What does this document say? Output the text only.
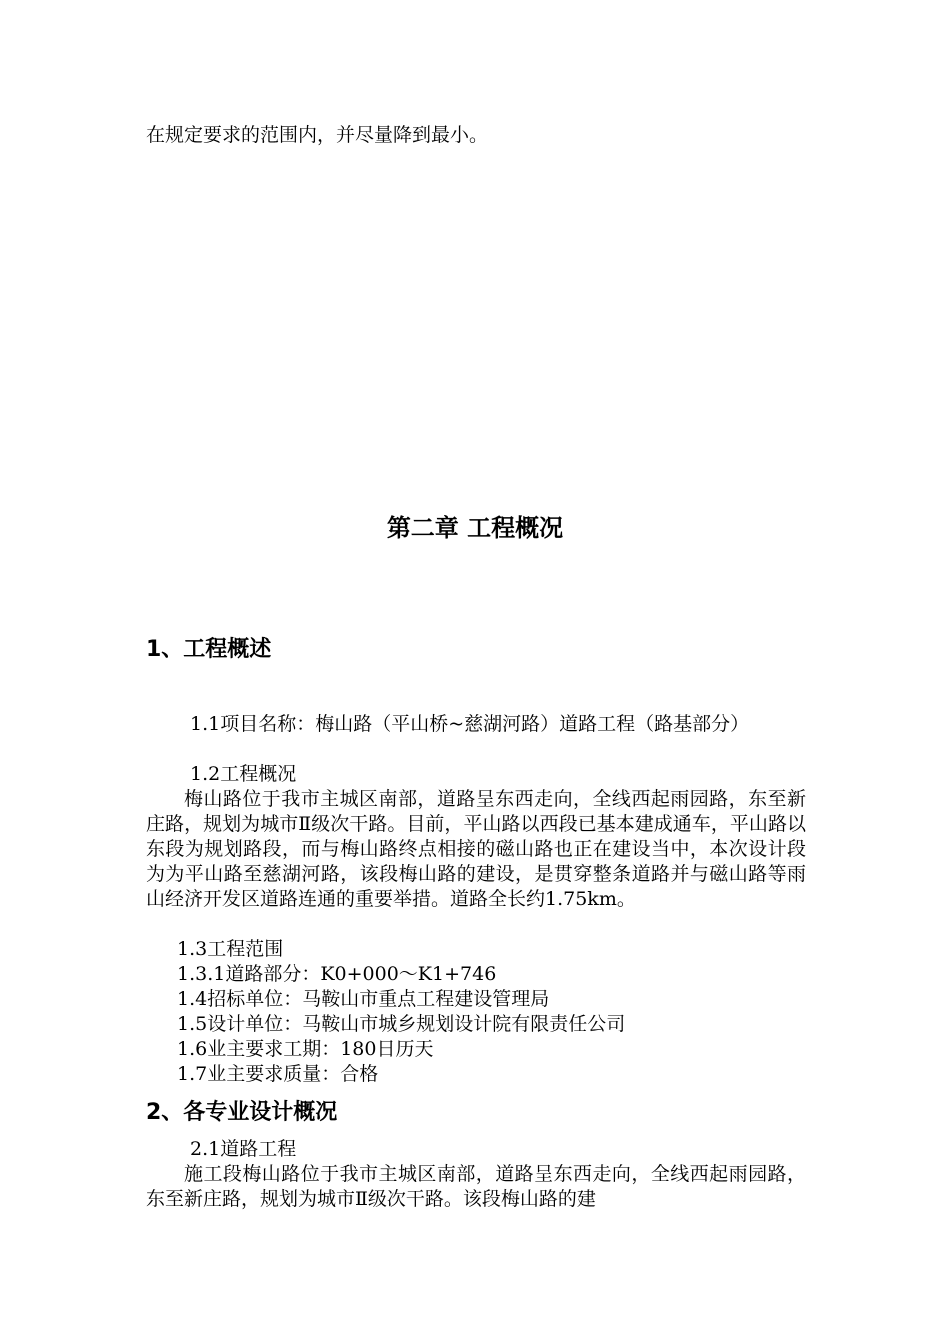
在规定要求的范围内，并尽量降到最小。
第二章 工程概况
1、工程概述
1.1项目名称：梅山路（平山桥~慈湖河路）道路工程（路基部分）
1.2工程概况
梅山路位于我市主城区南部，道路呈东西走向，全线西起雨园路，东至新庄路，规划为城市Ⅱ级次干路。目前，平山路以西段已基本建成通车，平山路以东段为规划路段，而与梅山路终点相接的磁山路也正在建设当中，本次设计段为为平山路至慈湖河路，该段梅山路的建设，是贯穿整条道路并与磁山路等雨山经济开发区道路连通的重要举措。道路全长约1.75km。
1.3工程范围
1.3.1道路部分：K0+000～K1+746
1.4招标单位：马鞍山市重点工程建设管理局
1.5设计单位：马鞍山市城乡规划设计院有限责任公司
1.6业主要求工期：180日历天
1.7业主要求质量：合格
2、各专业设计概况
2.1道路工程
施工段梅山路位于我市主城区南部，道路呈东西走向，全线西起雨园路，东至新庄路，规划为城市Ⅱ级次干路。该段梅山路的建
